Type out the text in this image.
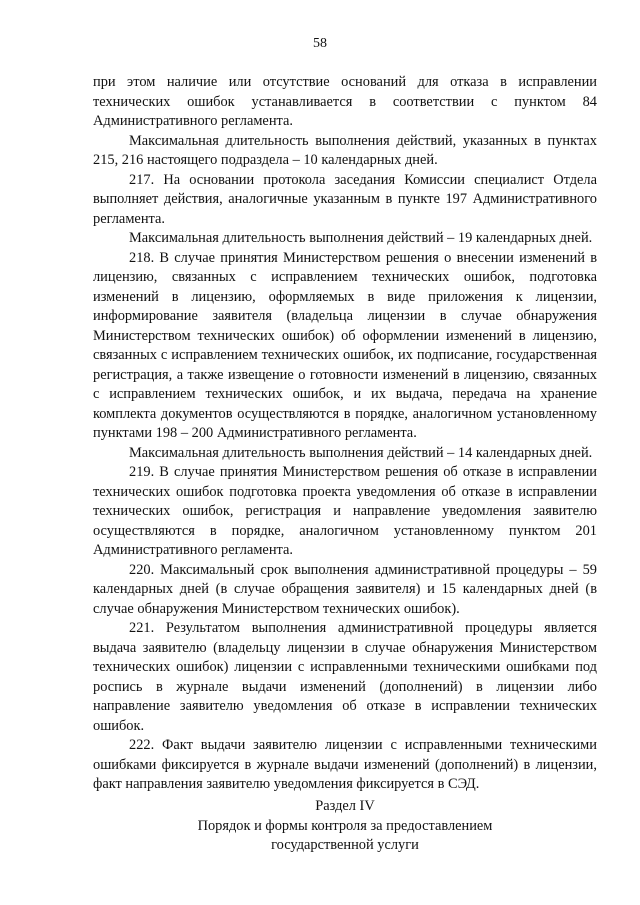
58

при этом наличие или отсутствие оснований для отказа в исправлении технических ошибок устанавливается в соответствии с пунктом 84 Административного регламента.

Максимальная длительность выполнения действий, указанных в пунктах 215, 216 настоящего подраздела – 10 календарных дней.

217. На основании протокола заседания Комиссии специалист Отдела выполняет действия, аналогичные указанным в пункте 197 Административного регламента.

Максимальная длительность выполнения действий – 19 календарных дней.

218. В случае принятия Министерством решения о внесении изменений в лицензию, связанных с исправлением технических ошибок, подготовка изменений в лицензию, оформляемых в виде приложения к лицензии, информирование заявителя (владельца лицензии в случае обнаружения Министерством технических ошибок) об оформлении изменений в лицензию, связанных с исправлением технических ошибок, их подписание, государственная регистрация, а также извещение о готовности изменений в лицензию, связанных с исправлением технических ошибок, и их выдача, передача на хранение комплекта документов осуществляются в порядке, аналогичном установленному пунктами 198 – 200 Административного регламента.

Максимальная длительность выполнения действий – 14 календарных дней.

219. В случае принятия Министерством решения об отказе в исправлении технических ошибок подготовка проекта уведомления об отказе в исправлении технических ошибок, регистрация и направление уведомления заявителю осуществляются в порядке, аналогичном установленному пунктом 201 Административного регламента.

220. Максимальный срок выполнения административной процедуры – 59 календарных дней (в случае обращения заявителя) и 15 календарных дней (в случае обнаружения Министерством технических ошибок).

221. Результатом выполнения административной процедуры является выдача заявителю (владельцу лицензии в случае обнаружения Министерством технических ошибок) лицензии с исправленными техническими ошибками под роспись в журнале выдачи изменений (дополнений) в лицензии либо направление заявителю уведомления об отказе в исправлении технических ошибок.

222. Факт выдачи заявителю лицензии с исправленными техническими ошибками фиксируется в журнале выдачи изменений (дополнений) в лицензии, факт направления заявителю уведомления фиксируется в СЭД.

Раздел IV
Порядок и формы контроля за предоставлением
государственной услуги
